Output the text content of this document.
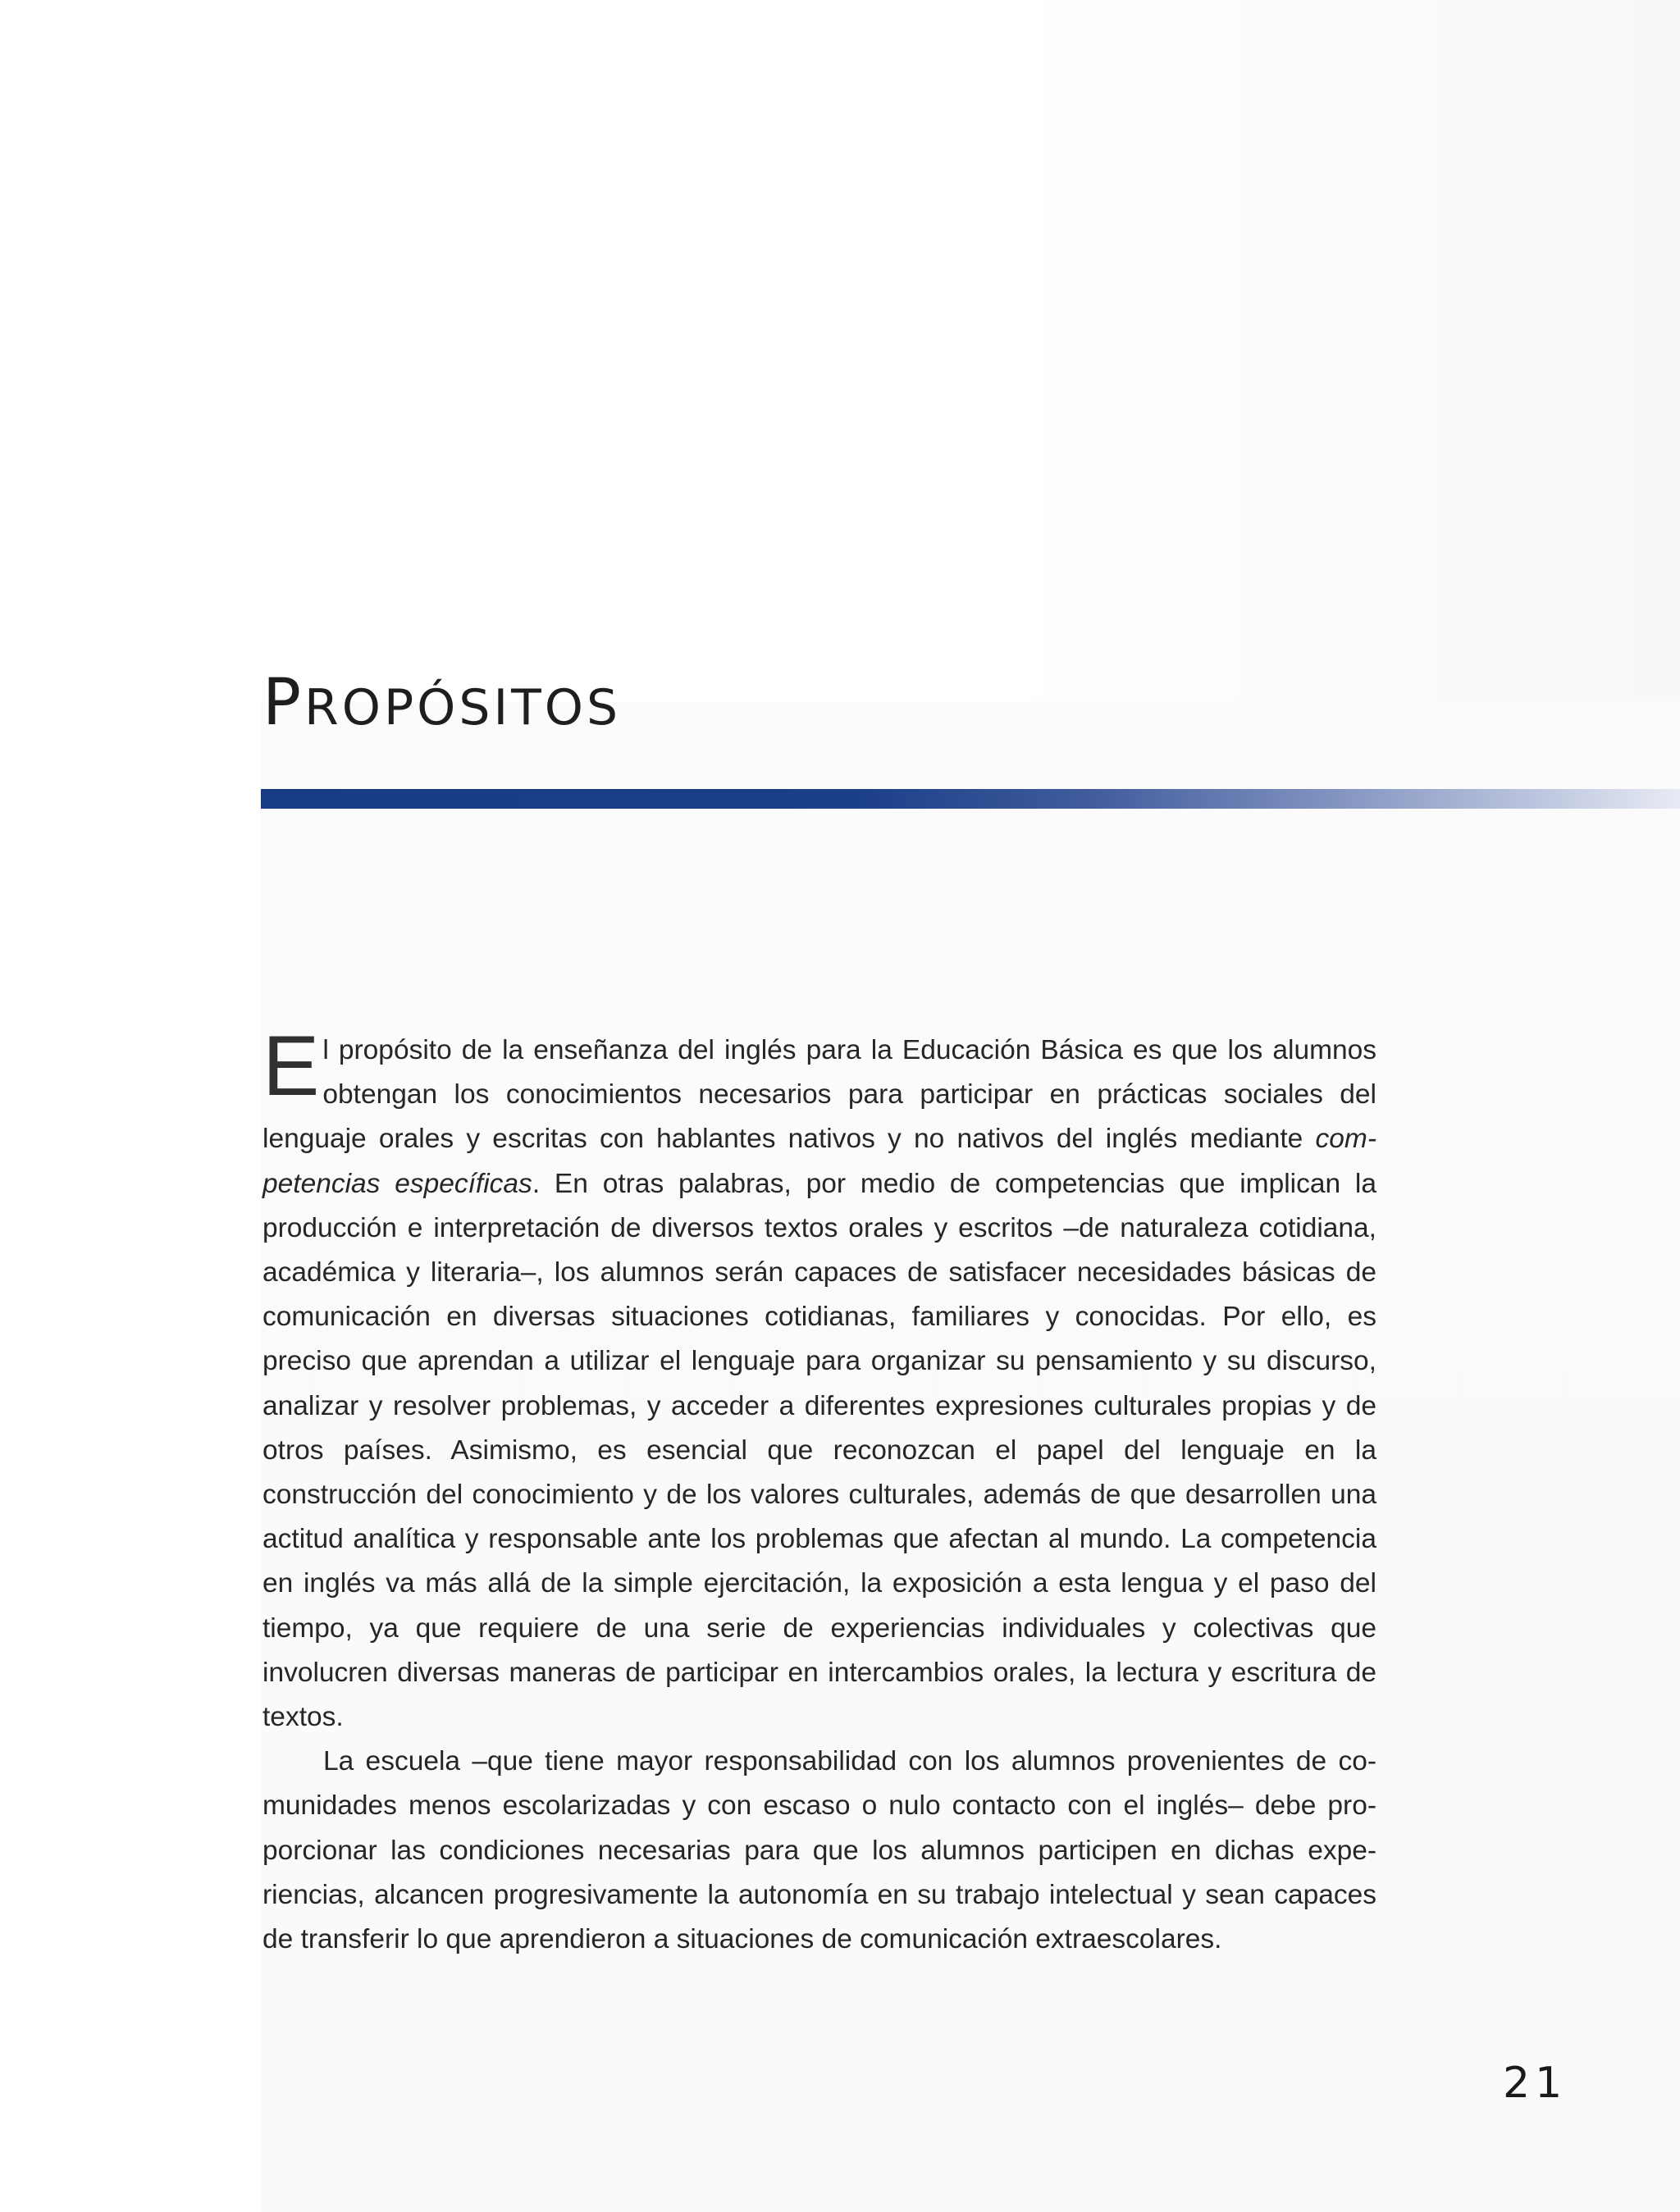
PROPÓSITOS

El propósito de la enseñanza del inglés para la Educación Básica es que los alumnos obtengan los conocimientos necesarios para participar en prácticas sociales del lenguaje orales y escritas con hablantes nativos y no nativos del inglés mediante competencias específicas. En otras palabras, por medio de competencias que implican la producción e interpretación de diversos textos orales y escritos –de naturaleza cotidiana, académica y literaria–, los alumnos serán capaces de satisfacer necesidades básicas de comunicación en diversas situaciones cotidianas, familiares y conocidas. Por ello, es preciso que aprendan a utilizar el lenguaje para organizar su pensamiento y su discurso, analizar y resolver problemas, y acceder a diferentes expresiones culturales propias y de otros países. Asimismo, es esencial que reconozcan el papel del lenguaje en la construcción del conocimiento y de los valores culturales, además de que desarrollen una actitud analítica y responsable ante los problemas que afectan al mundo. La competencia en inglés va más allá de la simple ejercitación, la exposición a esta lengua y el paso del tiempo, ya que requiere de una serie de experiencias individuales y colectivas que involucren diversas maneras de participar en intercambios orales, la lectura y escritura de textos.

La escuela –que tiene mayor responsabilidad con los alumnos provenientes de comunidades menos escolarizadas y con escaso o nulo contacto con el inglés– debe proporcionar las condiciones necesarias para que los alumnos participen en dichas experiencias, alcancen progresivamente la autonomía en su trabajo intelectual y sean capaces de transferir lo que aprendieron a situaciones de comunicación extraescolares.

21
